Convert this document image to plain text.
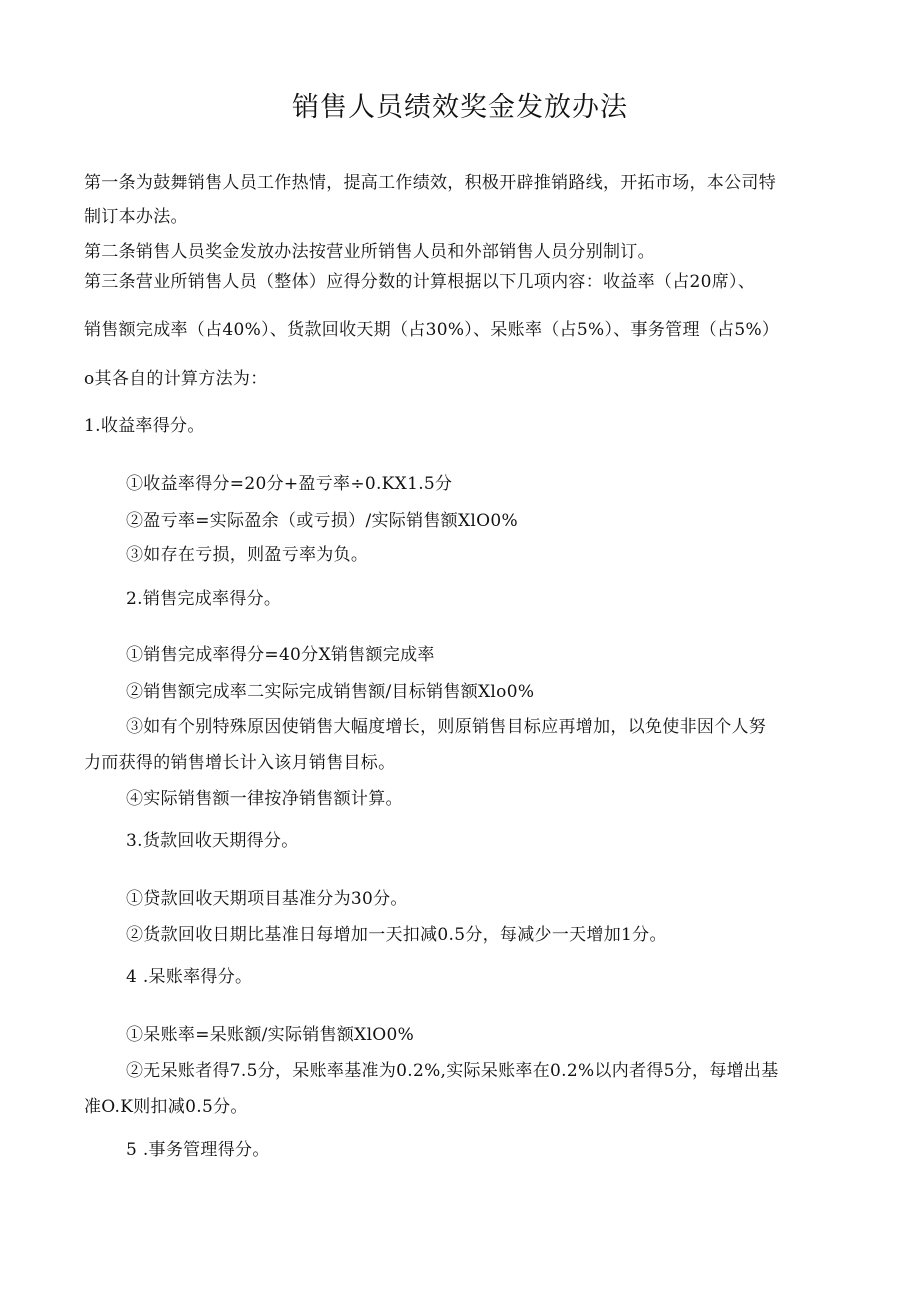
销售人员绩效奖金发放办法
第一条为鼓舞销售人员工作热情，提高工作绩效，积极开辟推销路线，开拓市场，本公司特
制订本办法。
第二条销售人员奖金发放办法按营业所销售人员和外部销售人员分别制订。
第三条营业所销售人员（整体）应得分数的计算根据以下几项内容：收益率（占20席）、
销售额完成率（占40%）、货款回收天期（占30%）、呆账率（占5%）、事务管理（占5%）
o其各自的计算方法为：
1.收益率得分。
①收益率得分=20分+盈亏率÷0.KX1.5分
②盈亏率=实际盈余（或亏损）/实际销售额XlO0%
③如存在亏损，则盈亏率为负。
2.销售完成率得分。
①销售完成率得分=40分X销售额完成率
②销售额完成率二实际完成销售额/目标销售额Xlo0%
③如有个别特殊原因使销售大幅度增长，则原销售目标应再增加，以免使非因个人努
力而获得的销售增长计入该月销售目标。
④实际销售额一律按净销售额计算。
3.货款回收天期得分。
①贷款回收天期项目基准分为30分。
②货款回收日期比基准日每增加一天扣减0.5分，每减少一天增加1分。
4 .呆账率得分。
①呆账率=呆账额/实际销售额XlO0%
②无呆账者得7.5分，呆账率基准为0.2%,实际呆账率在0.2%以内者得5分，每增出基
准O.K则扣减0.5分。
5 .事务管理得分。
